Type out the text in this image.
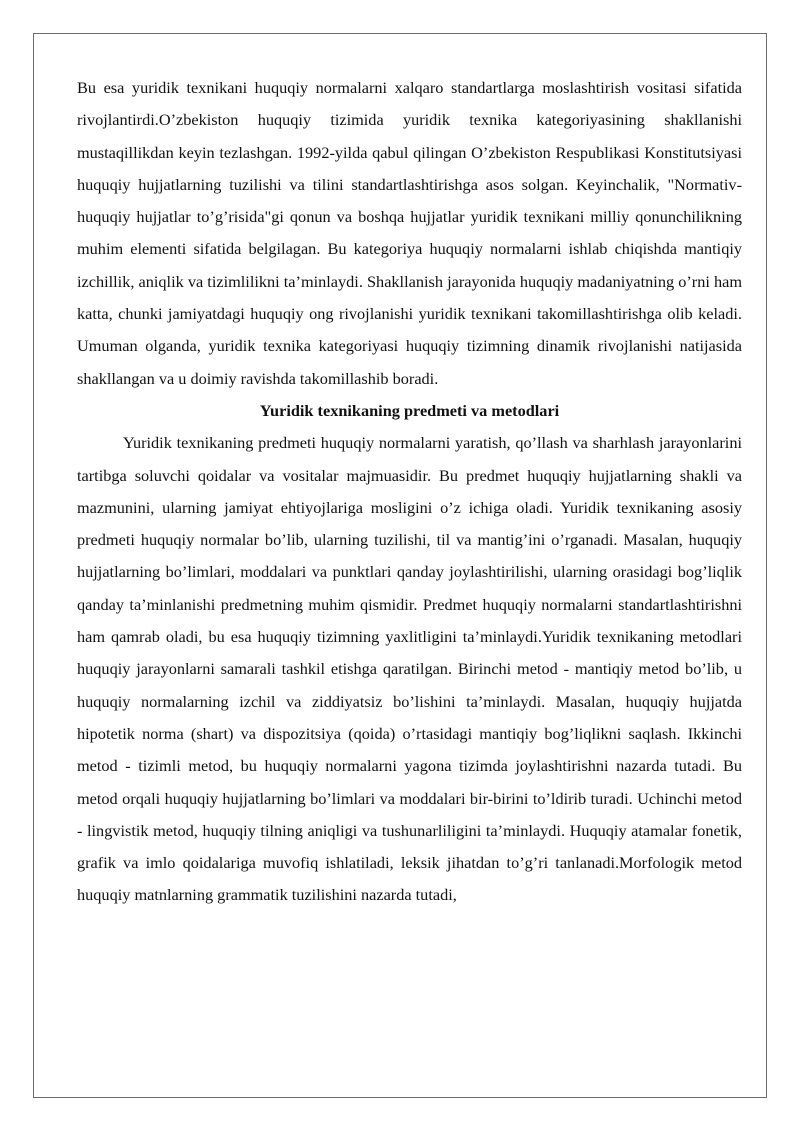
Bu esa yuridik texnikani huquqiy normalarni xalqaro standartlarga moslashtirish vositasi sifatida rivojlantirdi.O’zbekiston huquqiy tizimida yuridik texnika kategoriyasining shakllanishi mustaqillikdan keyin tezlashgan. 1992-yilda qabul qilingan O’zbekiston Respublikasi Konstitutsiyasi huquqiy hujjatlarning tuzilishi va tilini standartlashtirishga asos solgan. Keyinchalik, "Normativ-huquqiy hujjatlar to’g’risida"gi qonun va boshqa hujjatlar yuridik texnikani milliy qonunchilikning muhim elementi sifatida belgilagan. Bu kategoriya huquqiy normalarni ishlab chiqishda mantiqiy izchillik, aniqlik va tizimlilikni ta’minlaydi. Shakllanish jarayonida huquqiy madaniyatning o’rni ham katta, chunki jamiyatdagi huquqiy ong rivojlanishi yuridik texnikani takomillashtirishga olib keladi. Umuman olganda, yuridik texnika kategoriyasi huquqiy tizimning dinamik rivojlanishi natijasida shakllangan va u doimiy ravishda takomillashib boradi.

Yuridik texnikaning predmeti va metodlari

Yuridik texnikaning predmeti huquqiy normalarni yaratish, qo’llash va sharhlash jarayonlarini tartibga soluvchi qoidalar va vositalar majmuasidir. Bu predmet huquqiy hujjatlarning shakli va mazmunini, ularning jamiyat ehtiyojlariga mosligini o’z ichiga oladi. Yuridik texnikaning asosiy predmeti huquqiy normalar bo’lib, ularning tuzilishi, til va mantig’ini o’rganadi. Masalan, huquqiy hujjatlarning bo’limlari, moddalari va punktlari qanday joylashtirilishi, ularning orasidagi bog’liqlik qanday ta’minlanishi predmetning muhim qismidir. Predmet huquqiy normalarni standartlashtirishni ham qamrab oladi, bu esa huquqiy tizimning yaxlitligini ta’minlaydi.Yuridik texnikaning metodlari huquqiy jarayonlarni samarali tashkil etishga qaratilgan. Birinchi metod - mantiqiy metod bo’lib, u huquqiy normalarning izchil va ziddiyatsiz bo’lishini ta’minlaydi. Masalan, huquqiy hujjatda hipotetik norma (shart) va dispozitsiya (qoida) o’rtasidagi mantiqiy bog’liqlikni saqlash. Ikkinchi metod - tizimli metod, bu huquqiy normalarni yagona tizimda joylashtirishni nazarda tutadi. Bu metod orqali huquqiy hujjatlarning bo’limlari va moddalari bir-birini to’ldirib turadi. Uchinchi metod - lingvistik metod, huquqiy tilning aniqligi va tushunarliligini ta’minlaydi. Huquqiy atamalar fonetik, grafik va imlo qoidalariga muvofiq ishlatiladi, leksik jihatdan to’g’ri tanlanadi.Morfologik metod huquqiy matnlarning grammatik tuzilishini nazarda tutadi,
